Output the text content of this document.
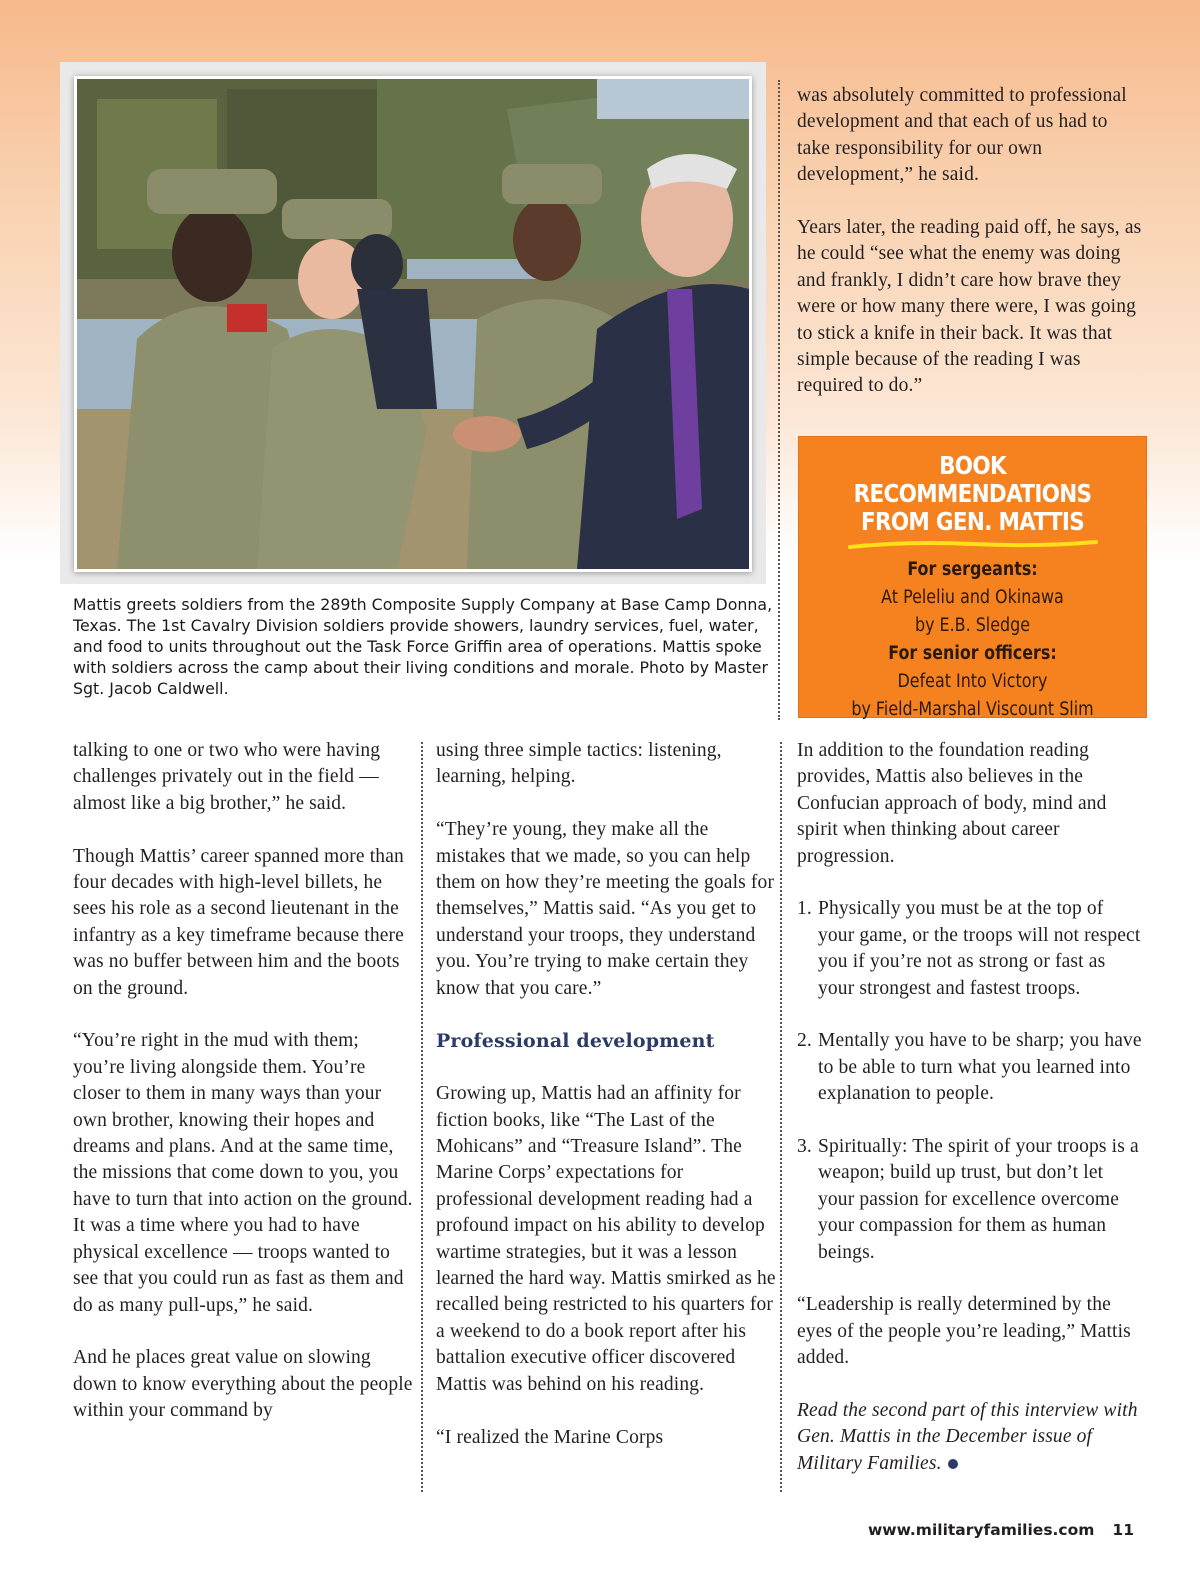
Mattis greets soldiers from the 289th Composite Supply Company at Base Camp Donna, Texas. The 1st Cavalry Division soldiers provide showers, laundry services, fuel, water, and food to units throughout out the Task Force Griffin area of operations. Mattis spoke with soldiers across the camp about their living conditions and morale. Photo by Master Sgt. Jacob Caldwell.

was absolutely committed to professional development and that each of us had to take responsibility for our own development,” he said.

Years later, the reading paid off, he says, as he could “see what the enemy was doing and frankly, I didn’t care how brave they were or how many there were, I was going to stick a knife in their back. It was that simple because of the reading I was required to do.”

BOOK RECOMMENDATIONS
FROM GEN. MATTIS
For sergeants:
At Peleliu and Okinawa
by E.B. Sledge
For senior officers:
Defeat Into Victory
by Field-Marshal Viscount Slim

talking to one or two who were having challenges privately out in the field — almost like a big brother,” he said.

Though Mattis’ career spanned more than four decades with high-level billets, he sees his role as a second lieutenant in the infantry as a key timeframe because there was no buffer between him and the boots on the ground.

“You’re right in the mud with them; you’re living alongside them. You’re closer to them in many ways than your own brother, knowing their hopes and dreams and plans. And at the same time, the missions that come down to you, you have to turn that into action on the ground. It was a time where you had to have physical excellence — troops wanted to see that you could run as fast as them and do as many pull-ups,” he said.

And he places great value on slowing down to know everything about the people within your command by

using three simple tactics: listening, learning, helping.

“They’re young, they make all the mistakes that we made, so you can help them on how they’re meeting the goals for themselves,” Mattis said. “As you get to understand your troops, they understand you. You’re trying to make certain they know that you care.”

Professional development

Growing up, Mattis had an affinity for fiction books, like “The Last of the Mohicans” and “Treasure Island”. The Marine Corps’ expectations for professional development reading had a profound impact on his ability to develop wartime strategies, but it was a lesson learned the hard way. Mattis smirked as he recalled being restricted to his quarters for a weekend to do a book report after his battalion executive officer discovered Mattis was behind on his reading.

“I realized the Marine Corps

In addition to the foundation reading provides, Mattis also believes in the Confucian approach of body, mind and spirit when thinking about career progression.

1. Physically you must be at the top of your game, or the troops will not respect you if you’re not as strong or fast as your strongest and fastest troops.
2. Mentally you have to be sharp; you have to be able to turn what you learned into explanation to people.
3. Spiritually: The spirit of your troops is a weapon; build up trust, but don’t let your passion for excellence overcome your compassion for them as human beings.

“Leadership is really determined by the eyes of the people you’re leading,” Mattis added.

Read the second part of this interview with Gen. Mattis in the December issue of Military Families.

www.militaryfamilies.com 11
